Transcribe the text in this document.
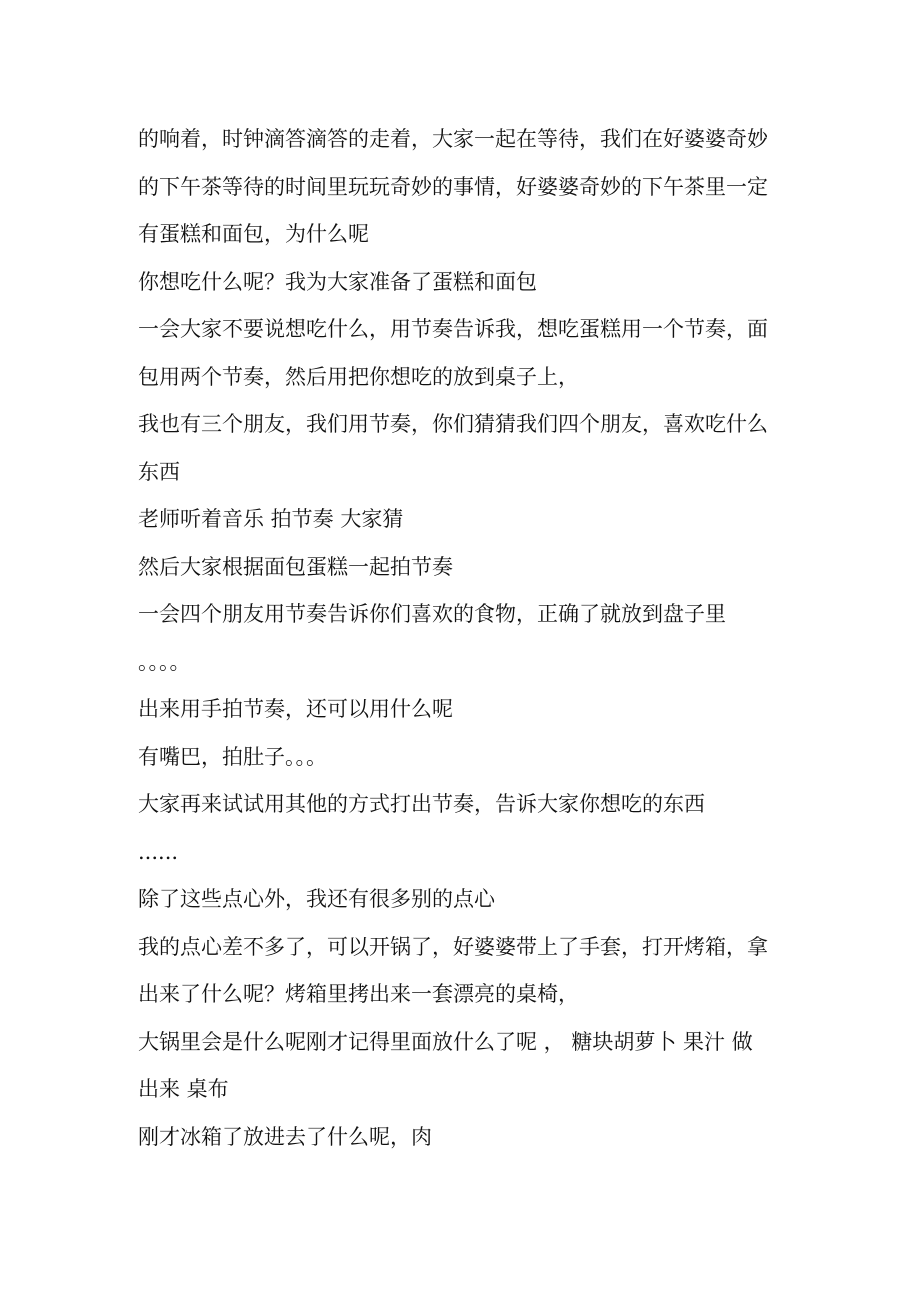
的响着，时钟滴答滴答的走着，大家一起在等待，我们在好婆婆奇妙
的下午茶等待的时间里玩玩奇妙的事情，好婆婆奇妙的下午茶里一定
有蛋糕和面包，为什么呢
你想吃什么呢？我为大家准备了蛋糕和面包
一会大家不要说想吃什么，用节奏告诉我，想吃蛋糕用一个节奏，面
包用两个节奏，然后用把你想吃的放到桌子上，
我也有三个朋友，我们用节奏，你们猜猜我们四个朋友，喜欢吃什么
东西
老师听着音乐 拍节奏 大家猜
然后大家根据面包蛋糕一起拍节奏
一会四个朋友用节奏告诉你们喜欢的食物，正确了就放到盘子里
。。。。
出来用手拍节奏，还可以用什么呢
有嘴巴，拍肚子。。。
大家再来试试用其他的方式打出节奏，告诉大家你想吃的东西
......
除了这些点心外，我还有很多别的点心
我的点心差不多了，可以开锅了，好婆婆带上了手套，打开烤箱，拿
出来了什么呢？烤箱里拷出来一套漂亮的桌椅，
大锅里会是什么呢刚才记得里面放什么了呢 ， 糖块胡萝卜 果汁 做
出来 桌布
刚才冰箱了放进去了什么呢，肉
